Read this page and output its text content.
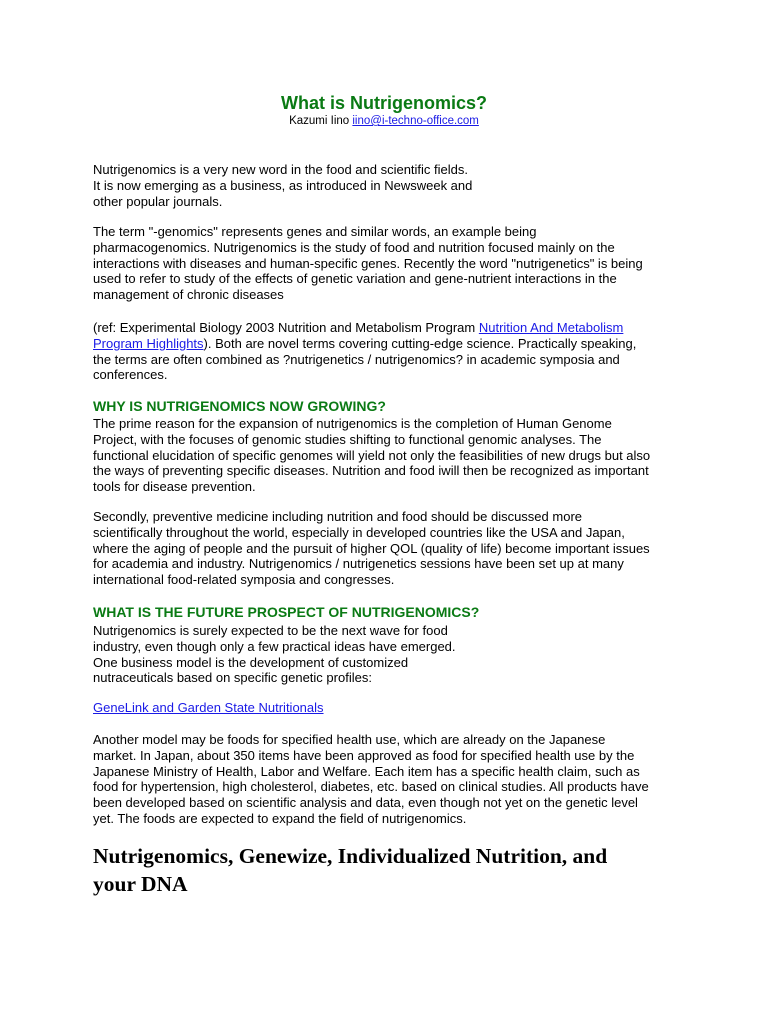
What is Nutrigenomics?
Kazumi Iino iino@i-techno-office.com

Nutrigenomics is a very new word in the food and scientific fields.
It is now emerging as a business, as introduced in Newsweek and
other popular journals.

The term "-genomics" represents genes and similar words, an example being
pharmacogenomics. Nutrigenomics is the study of food and nutrition focused mainly on the
interactions with diseases and human-specific genes. Recently the word "nutrigenetics" is being
used to refer to study of the effects of genetic variation and gene-nutrient interactions in the
management of chronic diseases

(ref: Experimental Biology 2003 Nutrition and Metabolism Program Nutrition And Metabolism
Program Highlights). Both are novel terms covering cutting-edge science. Practically speaking,
the terms are often combined as ?nutrigenetics / nutrigenomics? in academic symposia and
conferences.

WHY IS NUTRIGENOMICS NOW GROWING?

The prime reason for the expansion of nutrigenomics is the completion of Human Genome
Project, with the focuses of genomic studies shifting to functional genomic analyses. The
functional elucidation of specific genomes will yield not only the feasibilities of new drugs but also
the ways of preventing specific diseases. Nutrition and food iwill then be recognized as important
tools for disease prevention.

Secondly, preventive medicine including nutrition and food should be discussed more
scientifically throughout the world, especially in developed countries like the USA and Japan,
where the aging of people and the pursuit of higher QOL (quality of life) become important issues
for academia and industry. Nutrigenomics / nutrigenetics sessions have been set up at many
international food-related symposia and congresses.

WHAT IS THE FUTURE PROSPECT OF NUTRIGENOMICS?

Nutrigenomics is surely expected to be the next wave for food
industry, even though only a few practical ideas have emerged.
One business model is the development of customized
nutraceuticals based on specific genetic profiles:

GeneLink and Garden State Nutritionals

Another model may be foods for specified health use, which are already on the Japanese
market. In Japan, about 350 items have been approved as food for specified health use by the
Japanese Ministry of Health, Labor and Welfare. Each item has a specific health claim, such as
food for hypertension, high cholesterol, diabetes, etc. based on clinical studies. All products have
been developed based on scientific analysis and data, even though not yet on the genetic level
yet. The foods are expected to expand the field of nutrigenomics.

Nutrigenomics, Genewize, Individualized Nutrition, and
your DNA
